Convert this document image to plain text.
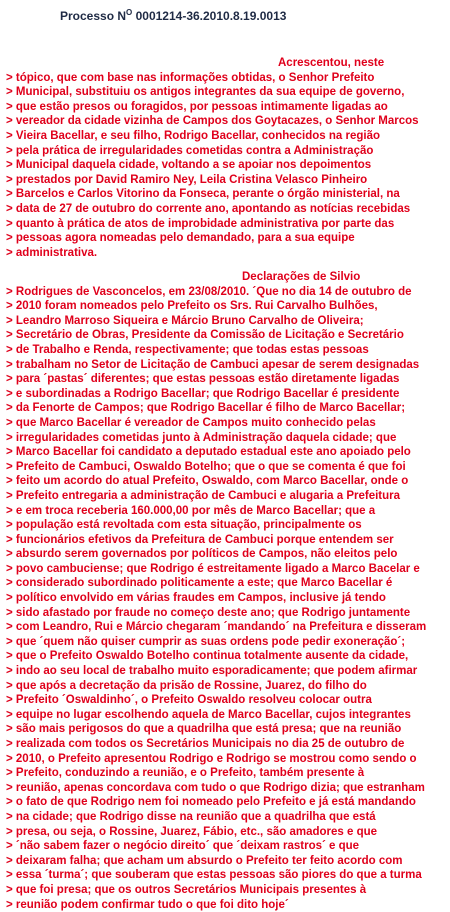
Processo $N^O$ 0001214-36.2010.8.19.0013
Acrescentou, neste
> tópico, que com base nas informações obtidas, o Senhor Prefeito
> Municipal, substituiu os antigos integrantes da sua equipe de governo,
> que estão presos ou foragidos, por pessoas intimamente ligadas ao
> vereador da cidade vizinha de Campos dos Goytacazes, o Senhor Marcos
> Vieira Bacellar, e seu filho, Rodrigo Bacellar, conhecidos na região
> pela prática de irregularidades cometidas contra a Administração
> Municipal daquela cidade, voltando a se apoiar nos depoimentos
> prestados por David Ramiro Ney, Leila Cristina Velasco Pinheiro
> Barcelos e Carlos Vitorino da Fonseca, perante o órgão ministerial, na
> data de 27 de outubro do corrente ano, apontando as notícias recebidas
> quanto à prática de atos de improbidade administrativa por parte das
> pessoas agora nomeadas pelo demandado, para a sua equipe
> administrativa.
Declarações de Silvio
> Rodrigues de Vasconcelos, em 23/08/2010. ´Que no dia 14 de outubro de
> 2010 foram nomeados pelo Prefeito os Srs. Rui Carvalho Bulhões,
> Leandro Marroso Siqueira e Márcio Bruno Carvalho de Oliveira;
> Secretário de Obras, Presidente da Comissão de Licitação e Secretário
> de Trabalho e Renda, respectivamente; que todas estas pessoas
> trabalham no Setor de Licitação de Cambuci apesar de serem designadas
> para ´pastas´ diferentes; que estas pessoas estão diretamente ligadas
> e subordinadas a Rodrigo Bacellar; que Rodrigo Bacellar é presidente
> da Fenorte de Campos; que Rodrigo Bacellar é filho de Marco Bacellar;
> que Marco Bacellar é vereador de Campos muito conhecido pelas
> irregularidades cometidas junto à Administração daquela cidade; que
> Marco Bacellar foi candidato a deputado estadual este ano apoiado pelo
> Prefeito de Cambuci, Oswaldo Botelho; que o que se comenta é que foi
> feito um acordo do atual Prefeito, Oswaldo, com Marco Bacellar, onde o
> Prefeito entregaria a administração de Cambuci e alugaria a Prefeitura
> e em troca receberia 160.000,00 por mês de Marco Bacellar; que a
> população está revoltada com esta situação, principalmente os
> funcionários efetivos da Prefeitura de Cambuci porque entendem ser
> absurdo serem governados por políticos de Campos, não eleitos pelo
> povo cambuciense; que Rodrigo é estreitamente ligado a Marco Bacelar e
> considerado subordinado politicamente a este; que Marco Bacellar é
> político envolvido em várias fraudes em Campos, inclusive já tendo
> sido afastado por fraude no começo deste ano; que Rodrigo juntamente
> com Leandro, Rui e Márcio chegaram ´mandando´ na Prefeitura e disseram
> que ´quem não quiser cumprir as suas ordens pode pedir exoneração´;
> que o Prefeito Oswaldo Botelho continua totalmente ausente da cidade,
> indo ao seu local de trabalho muito esporadicamente; que podem afirmar
> que após a decretação da prisão de Rossine, Juarez, do filho do
> Prefeito ´Oswaldinho´, o Prefeito Oswaldo resolveu colocar outra
> equipe no lugar escolhendo aquela de Marco Bacellar, cujos integrantes
> são mais perigosos do que a quadrilha que está presa; que na reunião
> realizada com todos os Secretários Municipais no dia 25 de outubro de
> 2010, o Prefeito apresentou Rodrigo e Rodrigo se mostrou como sendo o
> Prefeito, conduzindo a reunião, e o Prefeito, também presente à
> reunião, apenas concordava com tudo o que Rodrigo dizia; que estranham
> o fato de que Rodrigo nem foi nomeado pelo Prefeito e já está mandando
> na cidade; que Rodrigo disse na reunião que a quadrilha que está
> presa, ou seja, o Rossine, Juarez, Fábio, etc., são amadores e que
> ´não sabem fazer o negócio direito´ que ´deixam rastros´ e que
> deixaram falha; que acham um absurdo o Prefeito ter feito acordo com
> essa ´turma´; que souberam que estas pessoas são piores do que a turma
> que foi presa; que os outros Secretários Municipais presentes à
> reunião podem confirmar tudo o que foi dito hoje´
